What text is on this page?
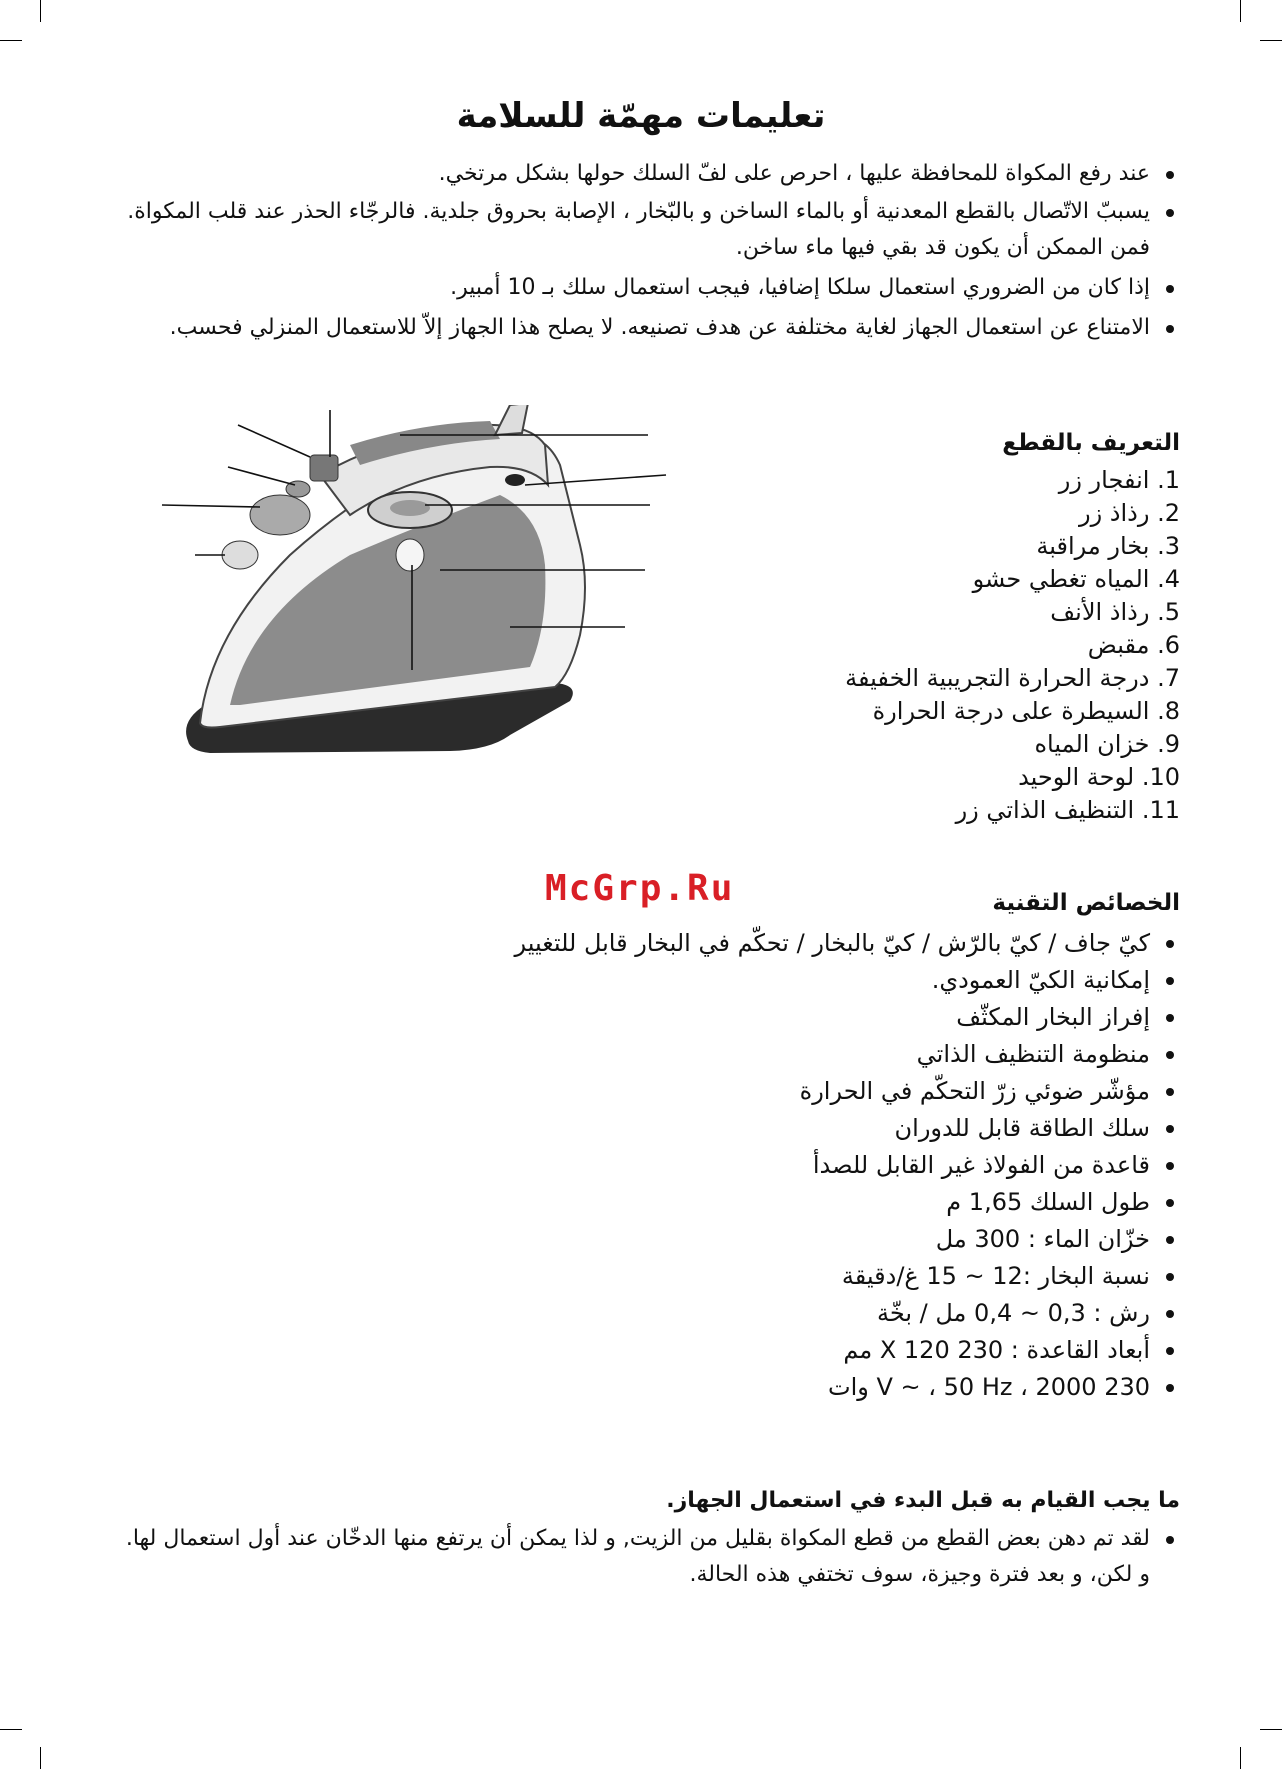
تعليمات مهمّة للسلامة

عند رفع المكواة للمحافظة عليها ، احرص على لفّ السلك حولها بشكل مرتخي.

يسببّ الاتّصال بالقطع المعدنية أو بالماء الساخن و بالبّخار ، الإصابة بحروق جلدية. فالرجّاء الحذر عند قلب المكواة. فمن الممكن أن يكون قد بقي فيها ماء ساخن.

إذا كان من الضروري استعمال سلكا إضافيا، فيجب استعمال سلك بـ 10 أمبير.

الامتناع عن استعمال الجهاز لغاية مختلفة عن هدف تصنيعه. لا يصلح هذا الجهاز إلاّ للاستعمال المنزلي فحسب.

التعريف بالقطع

1. انفجار زر
2. رذاذ زر
3. بخار مراقبة
4. المياه تغطي حشو
5. رذاذ الأنف
6. مقبض
7. درجة الحرارة التجريبية الخفيفة
8. السيطرة على درجة الحرارة
9. خزان المياه
10. لوحة الوحيد
11. التنظيف الذاتي زر
McGrp.Ru	الخصائص التقنية

كيّ جاف / كيّ بالرّش / كيّ بالبخار / تحكّم في البخار قابل للتغيير

إمكانية الكيّ العمودي.

إفراز البخار المكثّف

منظومة التنظيف الذاتي

مؤشّر ضوئي زرّ التحكّم في الحرارة

سلك الطاقة قابل للدوران

قاعدة من الفولاذ غير القابل للصدأ

طول السلك 1,65 م

خزّان الماء : 300 مل

نسبة البخار :12 ~ 15 غ/دقيقة

رش : 0,3 ~ 0,4 مل / بخّة

أبعاد القاعدة : 230 X 120 مم

230 V ~ ، 50 Hz ، 2000 وات

ما يجب القيام به قبل البدء في استعمال الجهاز.

لقد تم دهن بعض القطع من قطع المكواة بقليل من الزيت, و لذا يمكن أن يرتفع منها الدخّان عند أول استعمال لها. و لكن، و بعد فترة وجيزة، سوف تختفي هذه الحالة.
